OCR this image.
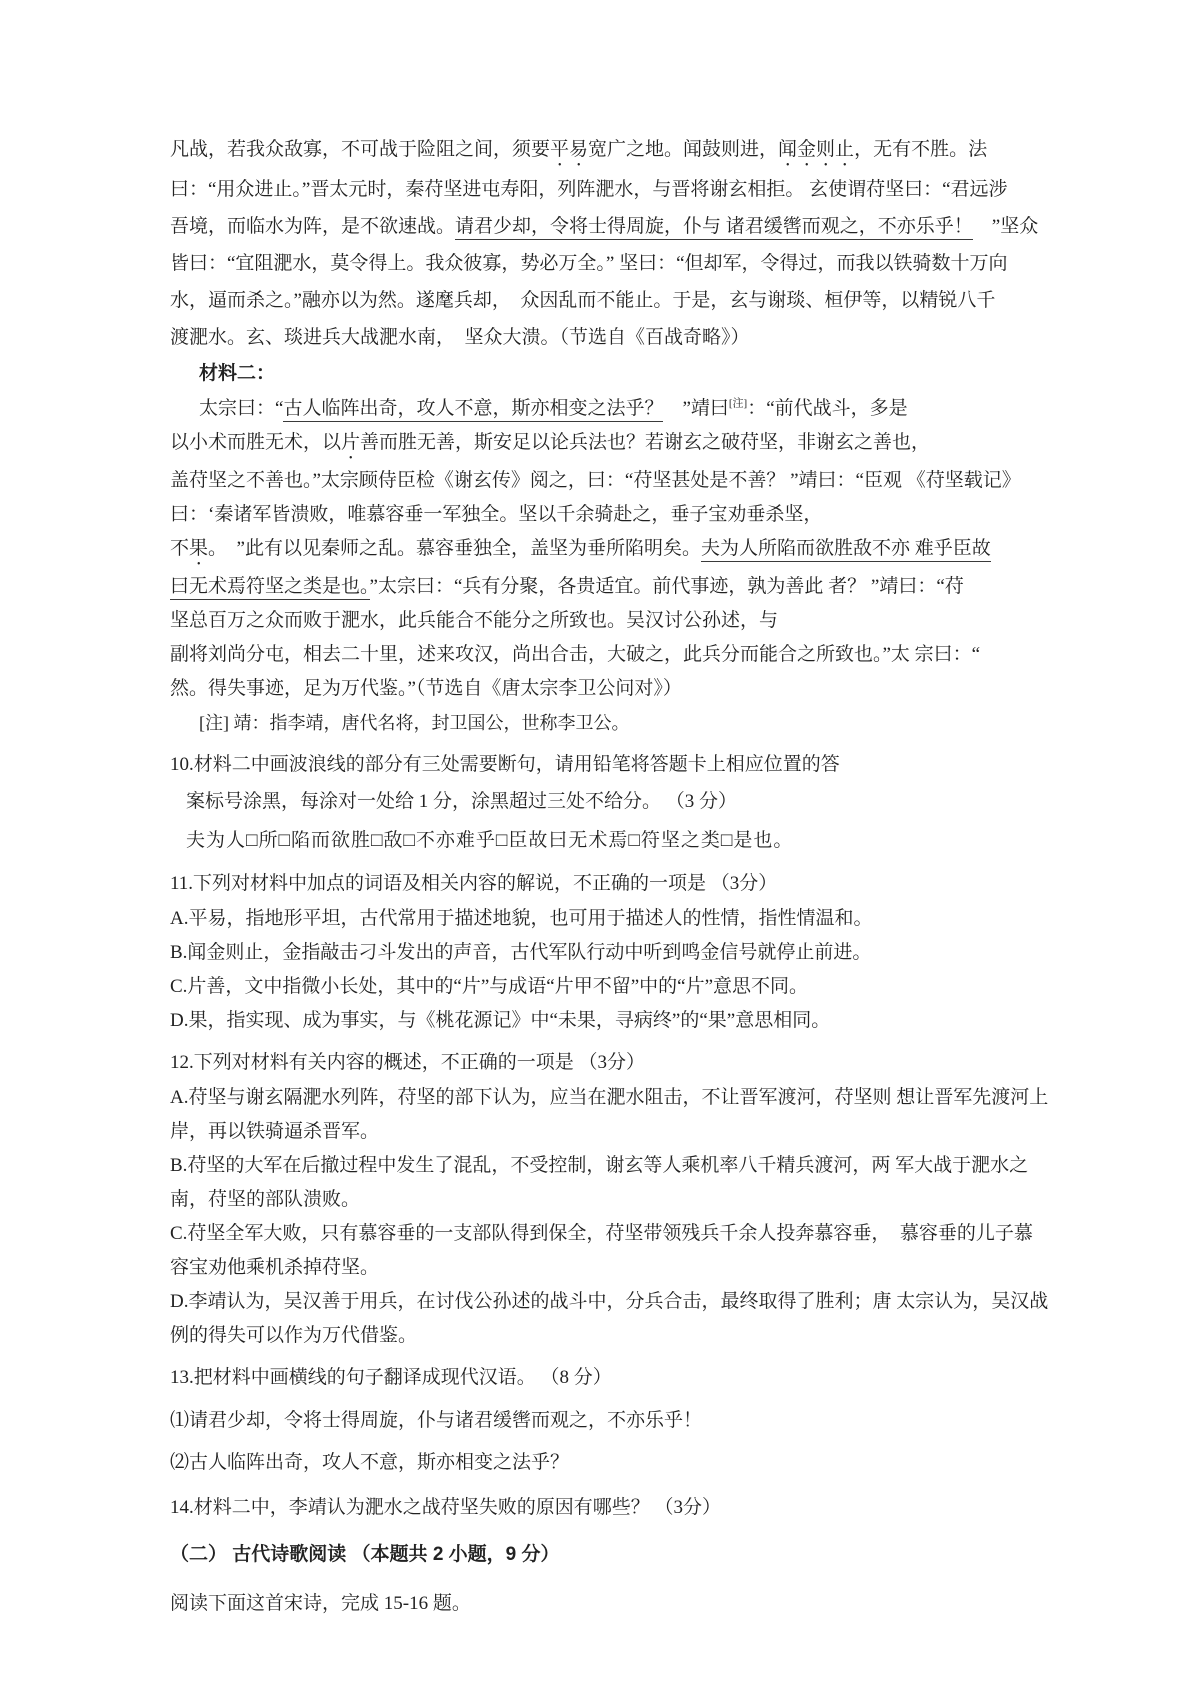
凡战，若我众敌寡，不可战于险阻之间，须要平易宽广之地。闻鼓则进，闻金则止，无有不胜。法

曰：“用众进止。”晋太元时，秦苻坚进屯寿阳，列阵淝水，与晋将谢玄相拒。 玄使谓苻坚曰：“君远涉

吾境，而临水为阵，是不欲速战。请君少却，令将士得周旋，仆与 诸君缓辔而观之，不亦乐乎！　”坚众

皆曰：“宜阻淝水，莫令得上。我众彼寡，势必万全。” 坚曰：“但却军，令得过，而我以铁骑数十万向

水，逼而杀之。”融亦以为然。遂麾兵却，　众因乱而不能止。于是，玄与谢琰、桓伊等，以精锐八千

渡淝水。玄、琰进兵大战淝水南，　坚众大溃。（节选自《百战奇略》）

材料二：

太宗曰：“古人临阵出奇，攻人不意，斯亦相变之法乎？　”靖曰[注]：“前代战斗，多是

以小术而胜无术，以片善而胜无善，斯安足以论兵法也？若谢玄之破苻坚，非谢玄之善也，

盖苻坚之不善也。”太宗顾侍臣检《谢玄传》阅之，曰：“苻坚甚处是不善？ ”靖曰：“臣观 《苻坚载记》

曰：‘秦诸军皆溃败，唯慕容垂一军独全。坚以千余骑赴之，垂子宝劝垂杀坚，

不果。　”此有以见秦师之乱。慕容垂独全，盖坚为垂所陷明矣。夫为人所陷而欲胜敌不亦 难乎臣故

曰无术焉符坚之类是也。”太宗曰：“兵有分聚，各贵适宜。前代事迹，孰为善此 者？ ”靖曰：“苻

坚总百万之众而败于淝水，此兵能合不能分之所致也。吴汉讨公孙述，与

副将刘尚分屯，相去二十里，述来攻汉，尚出合击，大破之，此兵分而能合之所致也。”太 宗曰：“

然。得失事迹，足为万代鉴。”（节选自《唐太宗李卫公问对》）

[注] 靖：指李靖，唐代名将，封卫国公，世称李卫公。

10.材料二中画波浪线的部分有三处需要断句，请用铅笔将答题卡上相应位置的答

案标号涂黑，每涂对一处给 1 分，涂黑超过三处不给分。 （3 分）

夫为人□所□陷而欲胜□敌□不亦难乎□臣故曰无术焉□符坚之类□是也。

11.下列对材料中加点的词语及相关内容的解说，不正确的一项是 （3分）

A.平易，指地形平坦，古代常用于描述地貌，也可用于描述人的性情，指性情温和。

B.闻金则止，金指敲击刁斗发出的声音，古代军队行动中听到鸣金信号就停止前进。

C.片善，文中指微小长处，其中的“片”与成语“片甲不留”中的“片”意思不同。

D.果，指实现、成为事实，与《桃花源记》中“未果，寻病终”的“果”意思相同。

12.下列对材料有关内容的概述，不正确的一项是 （3分）

A.苻坚与谢玄隔淝水列阵，苻坚的部下认为，应当在淝水阻击，不让晋军渡河，苻坚则 想让晋军先渡河上岸，再以铁骑逼杀晋军。

B.苻坚的大军在后撤过程中发生了混乱，不受控制，谢玄等人乘机率八千精兵渡河，两 军大战于淝水之南，苻坚的部队溃败。

C.苻坚全军大败，只有慕容垂的一支部队得到保全，苻坚带领残兵千余人投奔慕容垂，　慕容垂的儿子慕容宝劝他乘机杀掉苻坚。

D.李靖认为，吴汉善于用兵，在讨伐公孙述的战斗中，分兵合击，最终取得了胜利；唐 太宗认为，吴汉战例的得失可以作为万代借鉴。

13.把材料中画横线的句子翻译成现代汉语。 （8 分）

⑴请君少却，令将士得周旋，仆与诸君缓辔而观之，不亦乐乎！

⑵古人临阵出奇，攻人不意，斯亦相变之法乎？

14.材料二中，李靖认为淝水之战苻坚失败的原因有哪些？ （3分）

（二） 古代诗歌阅读 （本题共 2 小题，9 分）

阅读下面这首宋诗，完成 15-16 题。
